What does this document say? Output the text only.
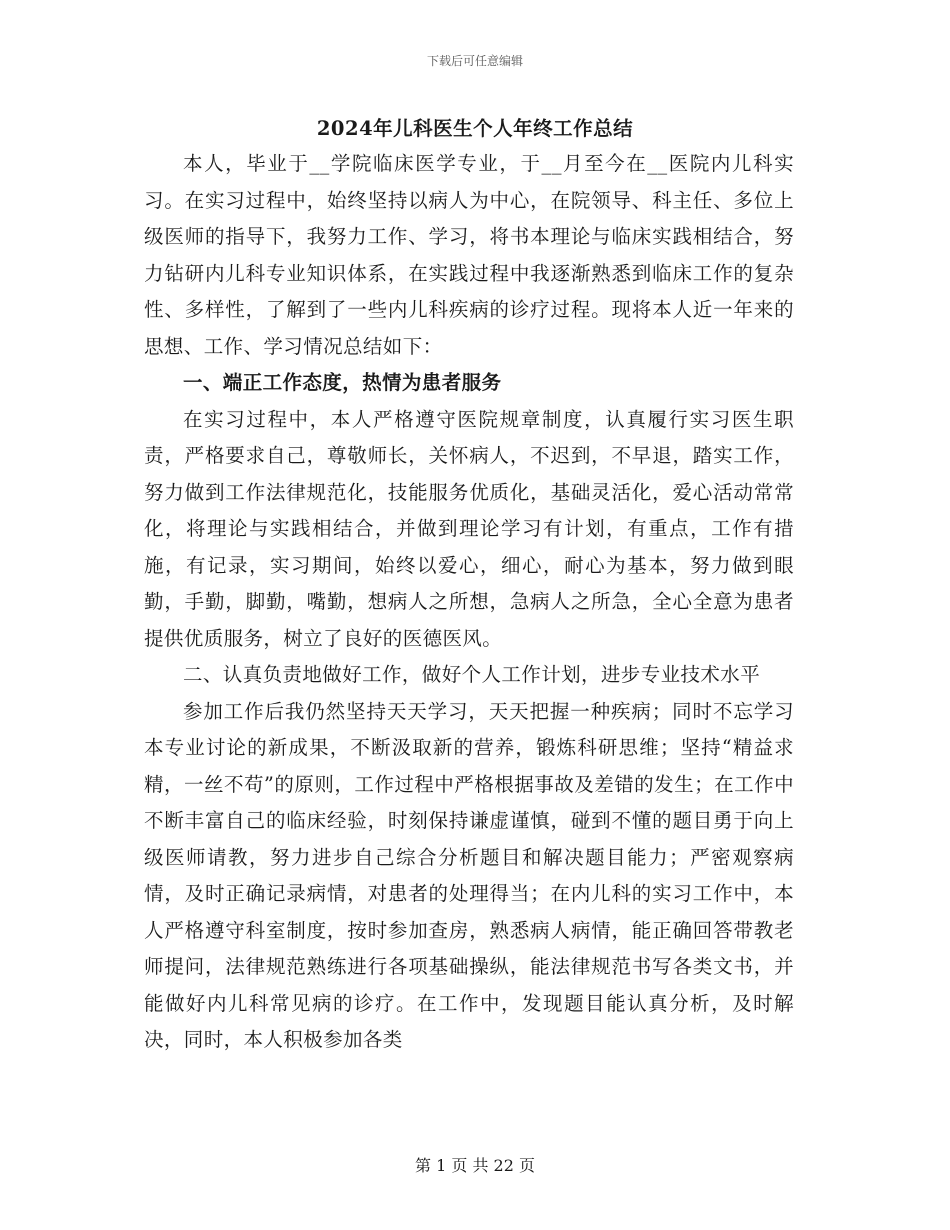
下载后可任意编辑
2024年儿科医生个人年终工作总结

本人，毕业于__学院临床医学专业，于__月至今在__医院内儿科实习。在实习过程中，始终坚持以病人为中心，在院领导、科主任、多位上级医师的指导下，我努力工作、学习，将书本理论与临床实践相结合，努力钻研内儿科专业知识体系，在实践过程中我逐渐熟悉到临床工作的复杂性、多样性，了解到了一些内儿科疾病的诊疗过程。现将本人近一年来的思想、工作、学习情况总结如下：

一、端正工作态度，热情为患者服务

在实习过程中，本人严格遵守医院规章制度，认真履行实习医生职责，严格要求自己，尊敬师长，关怀病人，不迟到，不早退，踏实工作，努力做到工作法律规范化，技能服务优质化，基础灵活化，爱心活动常常化，将理论与实践相结合，并做到理论学习有计划，有重点，工作有措施，有记录，实习期间，始终以爱心，细心，耐心为基本，努力做到眼勤，手勤，脚勤，嘴勤，想病人之所想，急病人之所急，全心全意为患者提供优质服务，树立了良好的医德医风。

二、认真负责地做好工作，做好个人工作计划，进步专业技术水平

参加工作后我仍然坚持天天学习，天天把握一种疾病；同时不忘学习本专业讨论的新成果，不断汲取新的营养，锻炼科研思维；坚持“精益求精，一丝不苟”的原则，工作过程中严格根据事故及差错的发生；在工作中不断丰富自己的临床经验，时刻保持谦虚谨慎，碰到不懂的题目勇于向上级医师请教，努力进步自己综合分析题目和解决题目能力；严密观察病情，及时正确记录病情，对患者的处理得当；在内儿科的实习工作中，本人严格遵守科室制度，按时参加查房，熟悉病人病情，能正确回答带教老师提问，法律规范熟练进行各项基础操纵，能法律规范书写各类文书，并能做好内儿科常见病的诊疗。在工作中，发现题目能认真分析，及时解决，同时，本人积极参加各类

第 1 页 共 22 页
